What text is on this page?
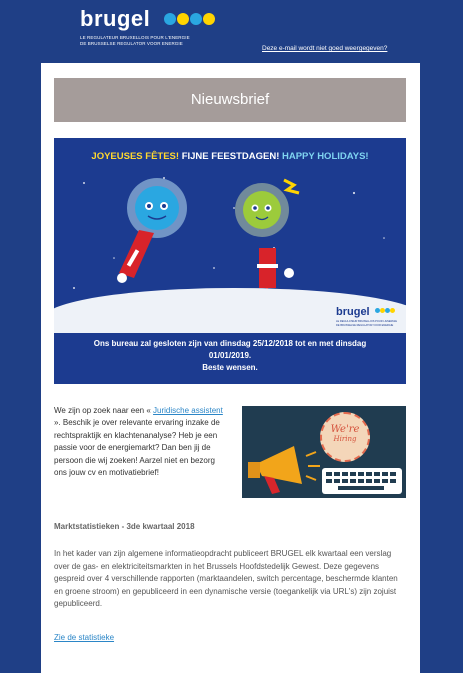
brugel
LE REGULATEUR BRUXELLOIS POUR L'ENERGIE
DE BRUSSELSE REGULATOR VOOR ENERGIE
Deze e-mail wordt niet goed weergegeven?
Nieuwsbrief
JOYEUSES FÊTES! FIJNE FEESTDAGEN! HAPPY HOLIDAYS!
brugel
LE REGULATEUR BRUXELLOIS POUR L'ENERGIE
DE BRUSSELSE REGULATOR VOOR ENERGIE
Ons bureau zal gesloten zijn van dinsdag 25/12/2018 tot en met dinsdag
01/01/2019.
Beste wensen.
We zijn op zoek naar een « Juridische assistent ». Beschik je over relevante ervaring inzake de rechtspraktijk en klachtenanalyse? Heb je een passie voor de energiemarkt? Dan ben jij de persoon die wij zoeken! Aarzel niet en bezorg ons jouw cv en motivatiebrief!
We're
Hiring
Marktstatistieken - 3de kwartaal 2018
In het kader van zijn algemene informatieopdracht publiceert BRUGEL elk kwartaal een verslag over de gas- en elektriciteitsmarkten in het Brussels Hoofdstedelijk Gewest. Deze gegevens gespreid over 4 verschillende rapporten (marktaandelen, switch percentage, beschermde klanten en groene stroom) en gepubliceerd in een dynamische versie (toegankelijk via URL's) zijn zojuist gepubliceerd.
Zie de statistieke
